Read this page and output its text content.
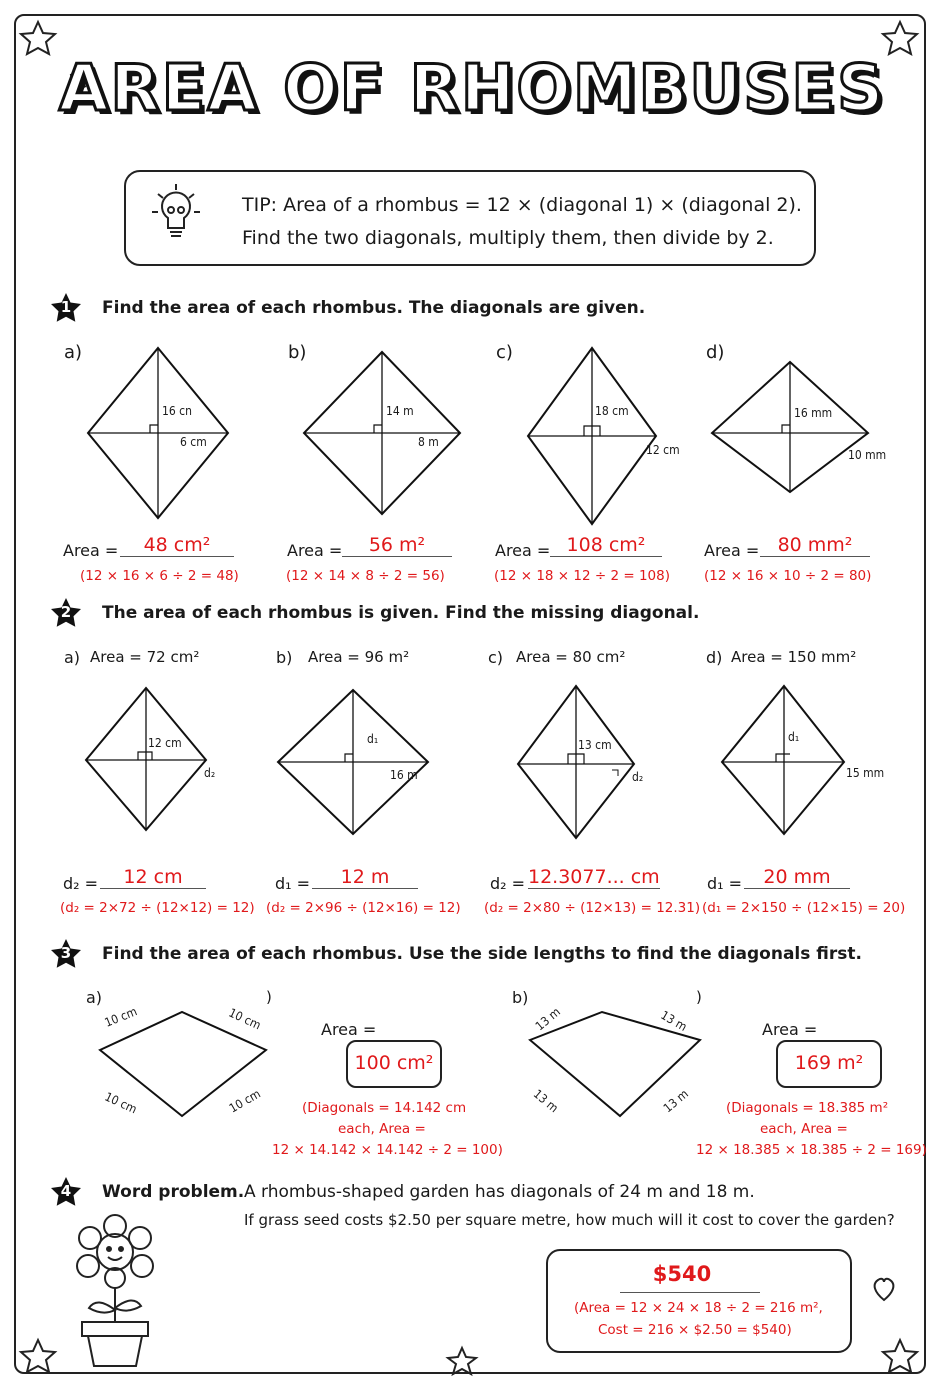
AREA OF RHOMBUSES
TIP: Area of a rhombus = 12 × (diagonal 1) × (diagonal 2).
Find the two diagonals, multiply them, then divide by 2.
1 Find the area of each rhombus. The diagonals are given.
a)	b)	c)	d)
16 cn
6 cm
14 m
8 m
18 cm
12 cm
16 mm
10 mm
Area =	48 cm²
(12 × 16 × 6 ÷ 2 = 48)
Area =	56 m²
(12 × 14 × 8 ÷ 2 = 56)
Area = 108 cm²
(12 × 18 × 12 ÷ 2 = 108)
Area = 80 mm²
(12 × 16 × 10 ÷ 2 = 80)
2 The area of each rhombus is given. Find the missing diagonal.
a) Area = 72 cm²	b) Area = 96 m²	c) Area = 80 cm²	d) Area = 150 mm²
12 cm
d₂
d₁
16 m
13 cm
d₂
d₁
15 mm
d₂ =	12 cm
(d₂ = 2×72 ÷ (12×12) = 12)
d₁ =	12 m
(d₂ = 2×96 ÷ (12×16) = 12)
d₂ = 12.3077... cm
(d₂ = 2×80 ÷ (12×13) = 12.31)
d₁ =	20 mm
(d₁ = 2×150 ÷ (12×15) = 20)
3 Find the area of each rhombus. Use the side lengths to find the diagonals first.
a)	)	b)	)
10 cm	10 cm
10 cm	10 cm
13 m	13 m
13 m	13 m
Area =
100 cm²
(Diagonals = 14.142 cm
each, Area =
12 × 14.142 × 14.142 ÷ 2 = 100)
Area =
169 m²
(Diagonals = 18.385 m²
each, Area =
12 × 18.385 × 18.385 ÷ 2 = 169)
4 Word problem. A rhombus-shaped garden has diagonals of 24 m and 18 m.
If grass seed costs $2.50 per square metre, how much will it cost to cover the garden?
$540
(Area = 12 × 24 × 18 ÷ 2 = 216 m²,
Cost = 216 × $2.50 = $540)
